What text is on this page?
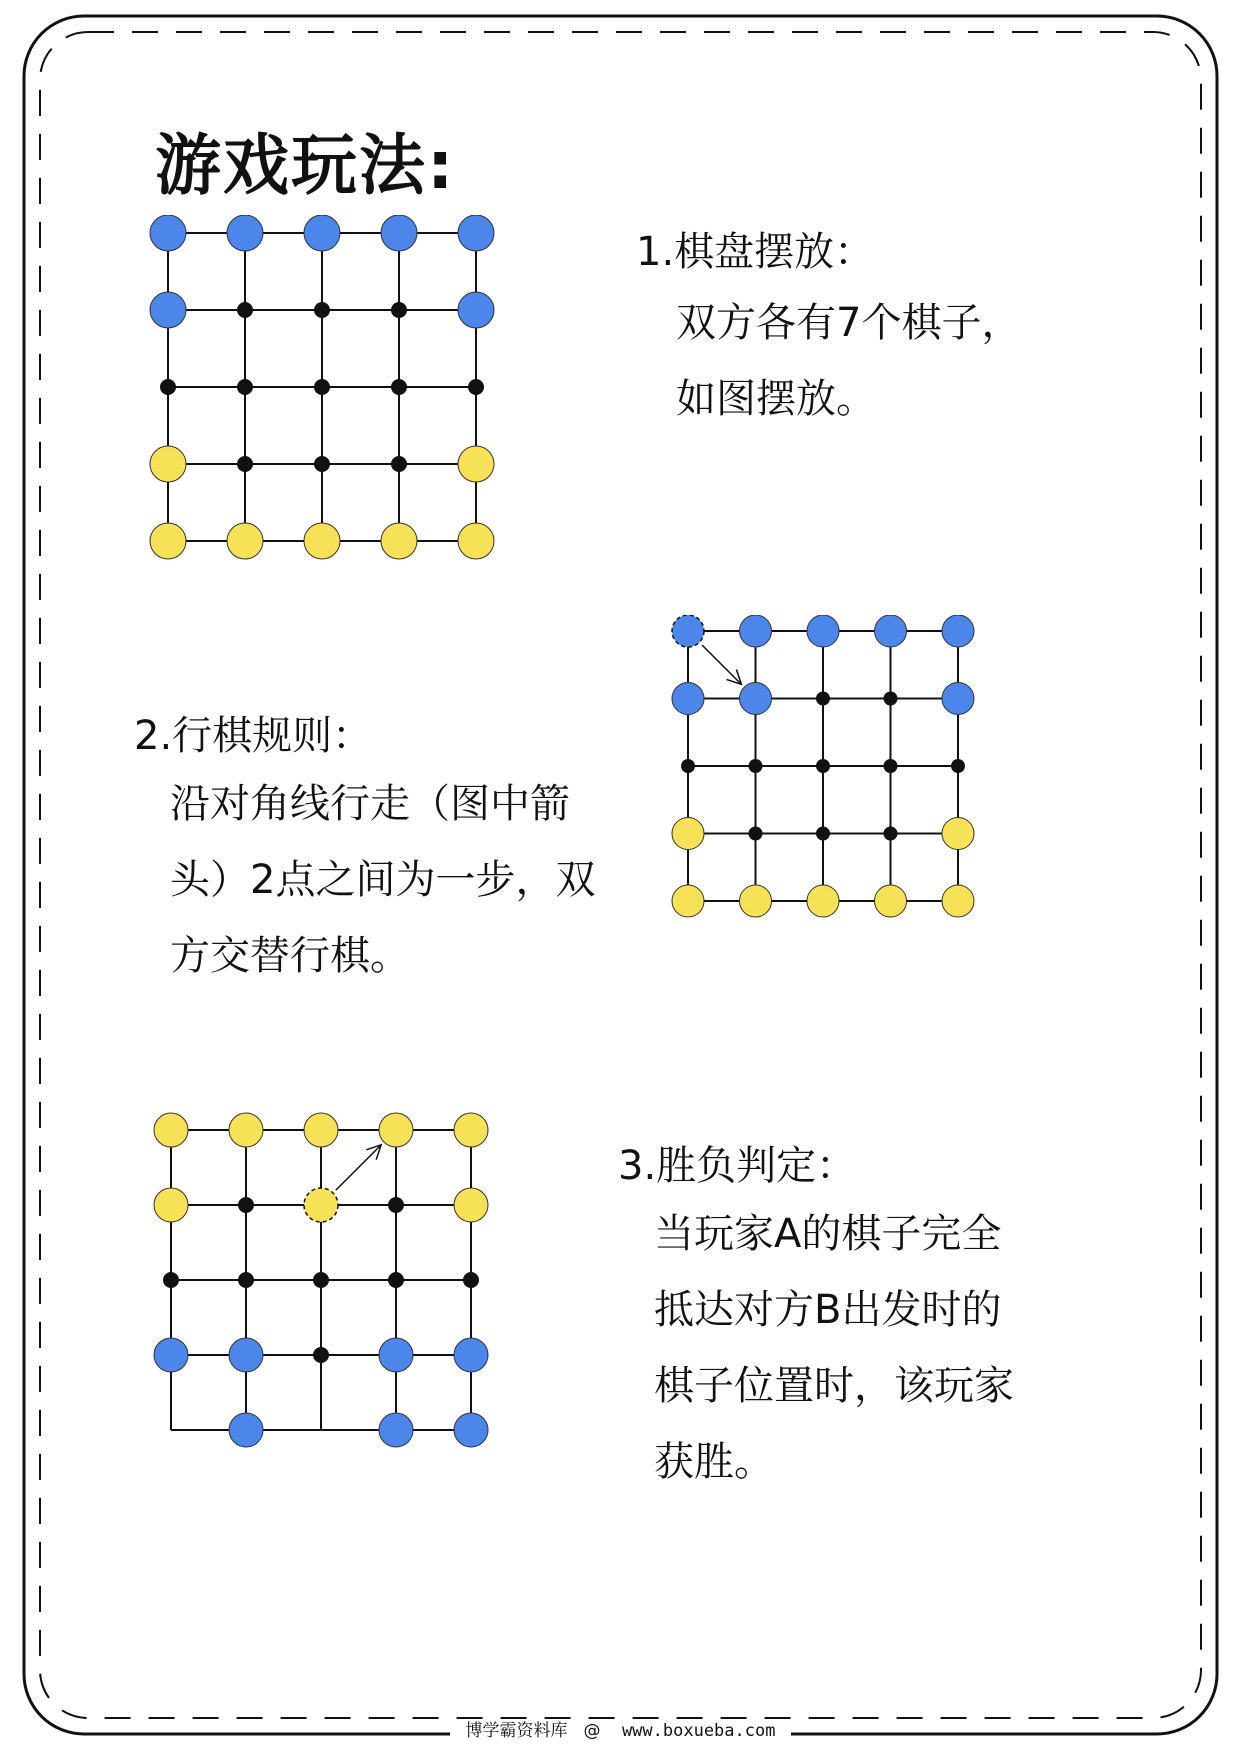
游戏玩法:
1.棋盘摆放：
双方各有7个棋子，
如图摆放。
2.行棋规则：
沿对角线行走（图中箭
头）2点之间为一步，双
方交替行棋。
3.胜负判定：
当玩家A的棋子完全
抵达对方B出发时的
棋子位置时，该玩家
获胜。
博学霸资料库 @ www.boxueba.com
